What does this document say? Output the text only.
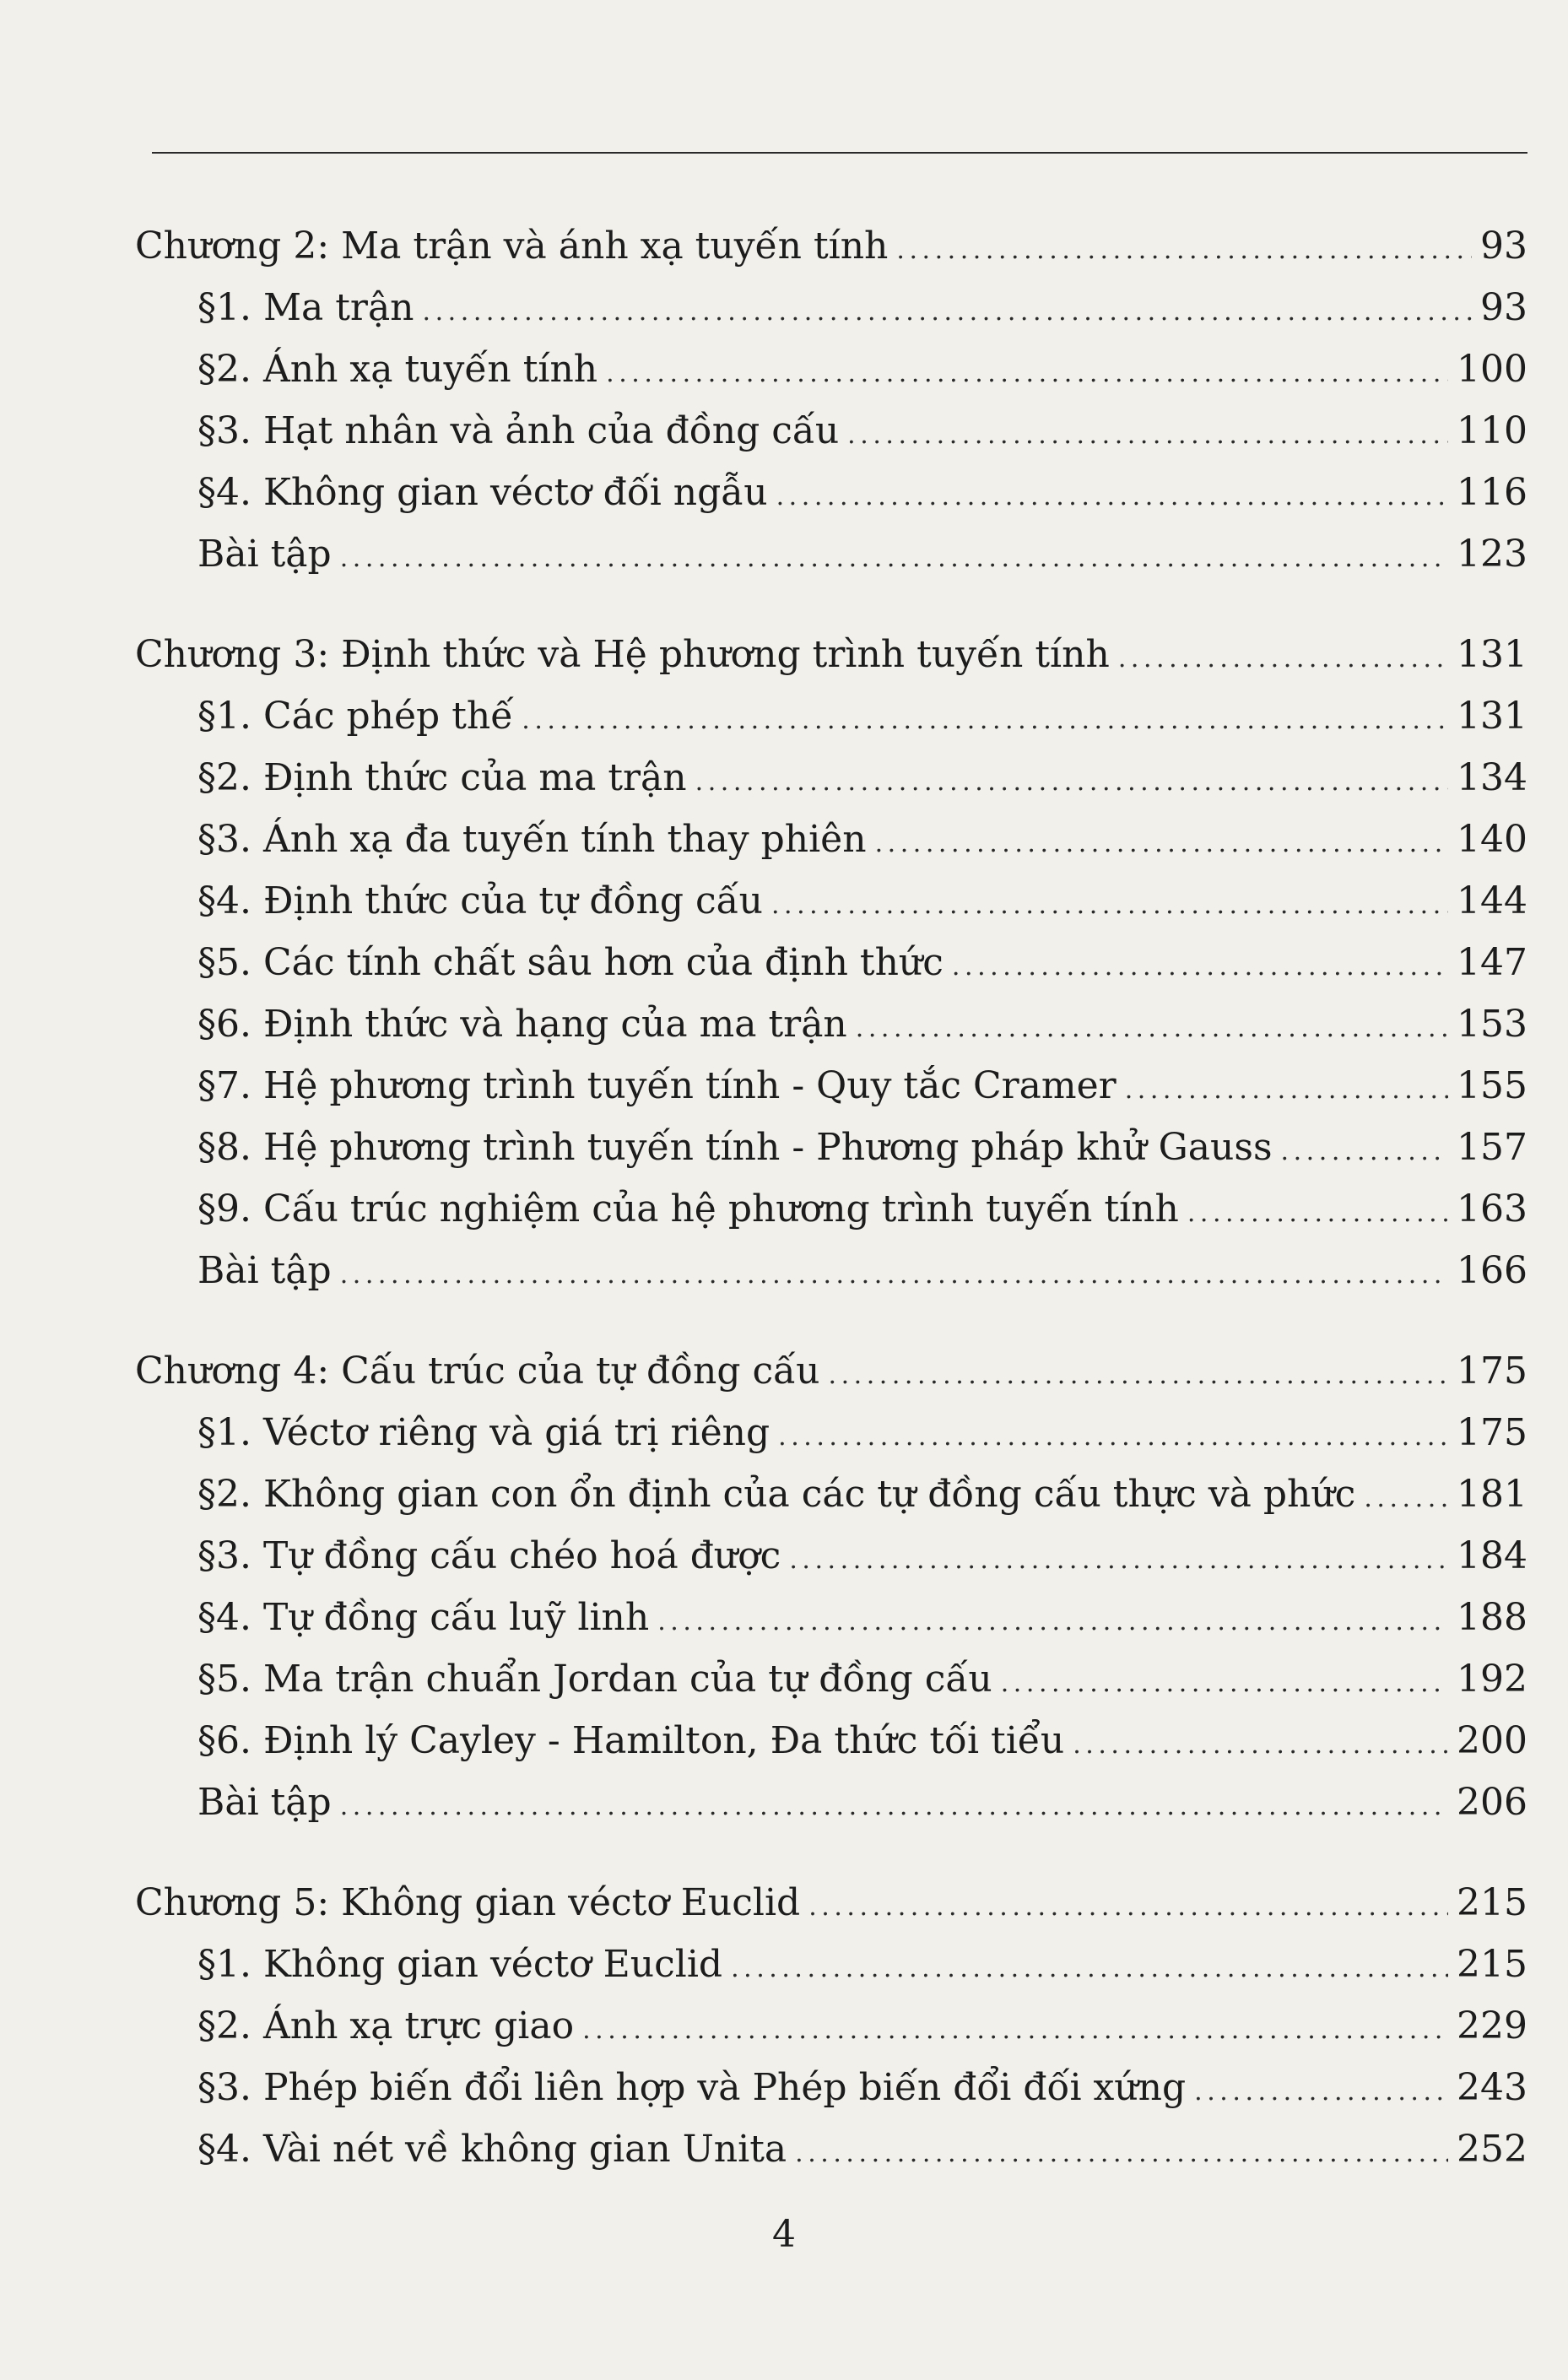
Chương 2: Ma trận và ánh xạ tuyến tính . . .	93
§1. Ma trận . . .	93
§2. Ánh xạ tuyến tính . . .	100
§3. Hạt nhân và ảnh của đồng cấu . . .	110
§4. Không gian véctơ đối ngẫu . . .	116
Bài tập . . .	123
Chương 3: Định thức và Hệ phương trình tuyến tính . . .	131
§1. Các phép thế . . .	131
§2. Định thức của ma trận . . .	134
§3. Ánh xạ đa tuyến tính thay phiên . . .	140
§4. Định thức của tự đồng cấu . . .	144
§5. Các tính chất sâu hơn của định thức . . .	147
§6. Định thức và hạng của ma trận . . .	153
§7. Hệ phương trình tuyến tính - Quy tắc Cramer . . .	155
§8. Hệ phương trình tuyến tính - Phương pháp khử Gauss . . .	157
§9. Cấu trúc nghiệm của hệ phương trình tuyến tính . . .	163
Bài tập . . .	166
Chương 4: Cấu trúc của tự đồng cấu . . .	175
§1. Véctơ riêng và giá trị riêng . . .	175
§2. Không gian con ổn định của các tự đồng cấu thực và phức . . .	181
§3. Tự đồng cấu chéo hoá được . . .	184
§4. Tự đồng cấu luỹ linh . . .	188
§5. Ma trận chuẩn Jordan của tự đồng cấu . . .	192
§6. Định lý Cayley - Hamilton, Đa thức tối tiểu . . .	200
Bài tập . . .	206
Chương 5: Không gian véctơ Euclid . . .	215
§1. Không gian véctơ Euclid . . .	215
§2. Ánh xạ trực giao . . .	229
§3. Phép biến đổi liên hợp và Phép biến đổi đối xứng . . .	243
§4. Vài nét về không gian Unita . . .	252
4
